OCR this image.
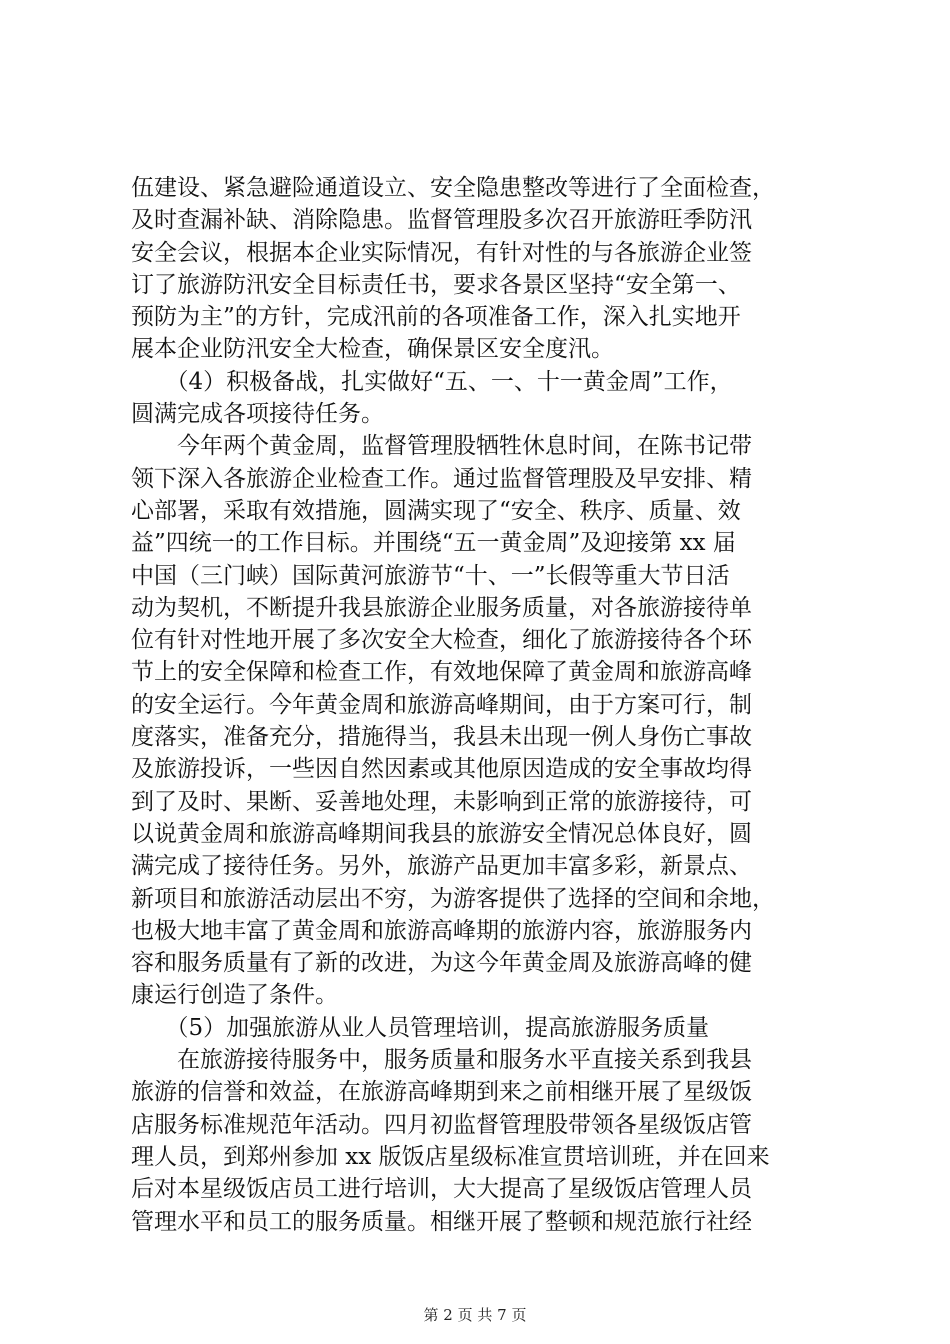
伍建设、紧急避险通道设立、安全隐患整改等进行了全面检查，
及时查漏补缺、消除隐患。监督管理股多次召开旅游旺季防汛
安全会议，根据本企业实际情况，有针对性的与各旅游企业签
订了旅游防汛安全目标责任书，要求各景区坚持“安全第一、
预防为主”的方针，完成汛前的各项准备工作，深入扎实地开
展本企业防汛安全大检查，确保景区安全度汛。
　　（4）积极备战，扎实做好“五、一、十一黄金周”工作，
圆满完成各项接待任务。
　　今年两个黄金周，监督管理股牺牲休息时间，在陈书记带
领下深入各旅游企业检查工作。通过监督管理股及早安排、精
心部署，采取有效措施，圆满实现了“安全、秩序、质量、效
益”四统一的工作目标。并围绕“五一黄金周”及迎接第 xx 届
中国（三门峡）国际黄河旅游节“十、一”长假等重大节日活
动为契机，不断提升我县旅游企业服务质量，对各旅游接待单
位有针对性地开展了多次安全大检查，细化了旅游接待各个环
节上的安全保障和检查工作，有效地保障了黄金周和旅游高峰
的安全运行。今年黄金周和旅游高峰期间，由于方案可行，制
度落实，准备充分，措施得当，我县未出现一例人身伤亡事故
及旅游投诉，一些因自然因素或其他原因造成的安全事故均得
到了及时、果断、妥善地处理，未影响到正常的旅游接待，可
以说黄金周和旅游高峰期间我县的旅游安全情况总体良好，圆
满完成了接待任务。另外，旅游产品更加丰富多彩，新景点、
新项目和旅游活动层出不穷，为游客提供了选择的空间和余地，
也极大地丰富了黄金周和旅游高峰期的旅游内容，旅游服务内
容和服务质量有了新的改进，为这今年黄金周及旅游高峰的健
康运行创造了条件。
　　（5）加强旅游从业人员管理培训，提高旅游服务质量
　　在旅游接待服务中，服务质量和服务水平直接关系到我县
旅游的信誉和效益，在旅游高峰期到来之前相继开展了星级饭
店服务标准规范年活动。四月初监督管理股带领各星级饭店管
理人员，到郑州参加 xx 版饭店星级标准宣贯培训班，并在回来
后对本星级饭店员工进行培训，大大提高了星级饭店管理人员
管理水平和员工的服务质量。相继开展了整顿和规范旅行社经
第 2 页 共 7 页
